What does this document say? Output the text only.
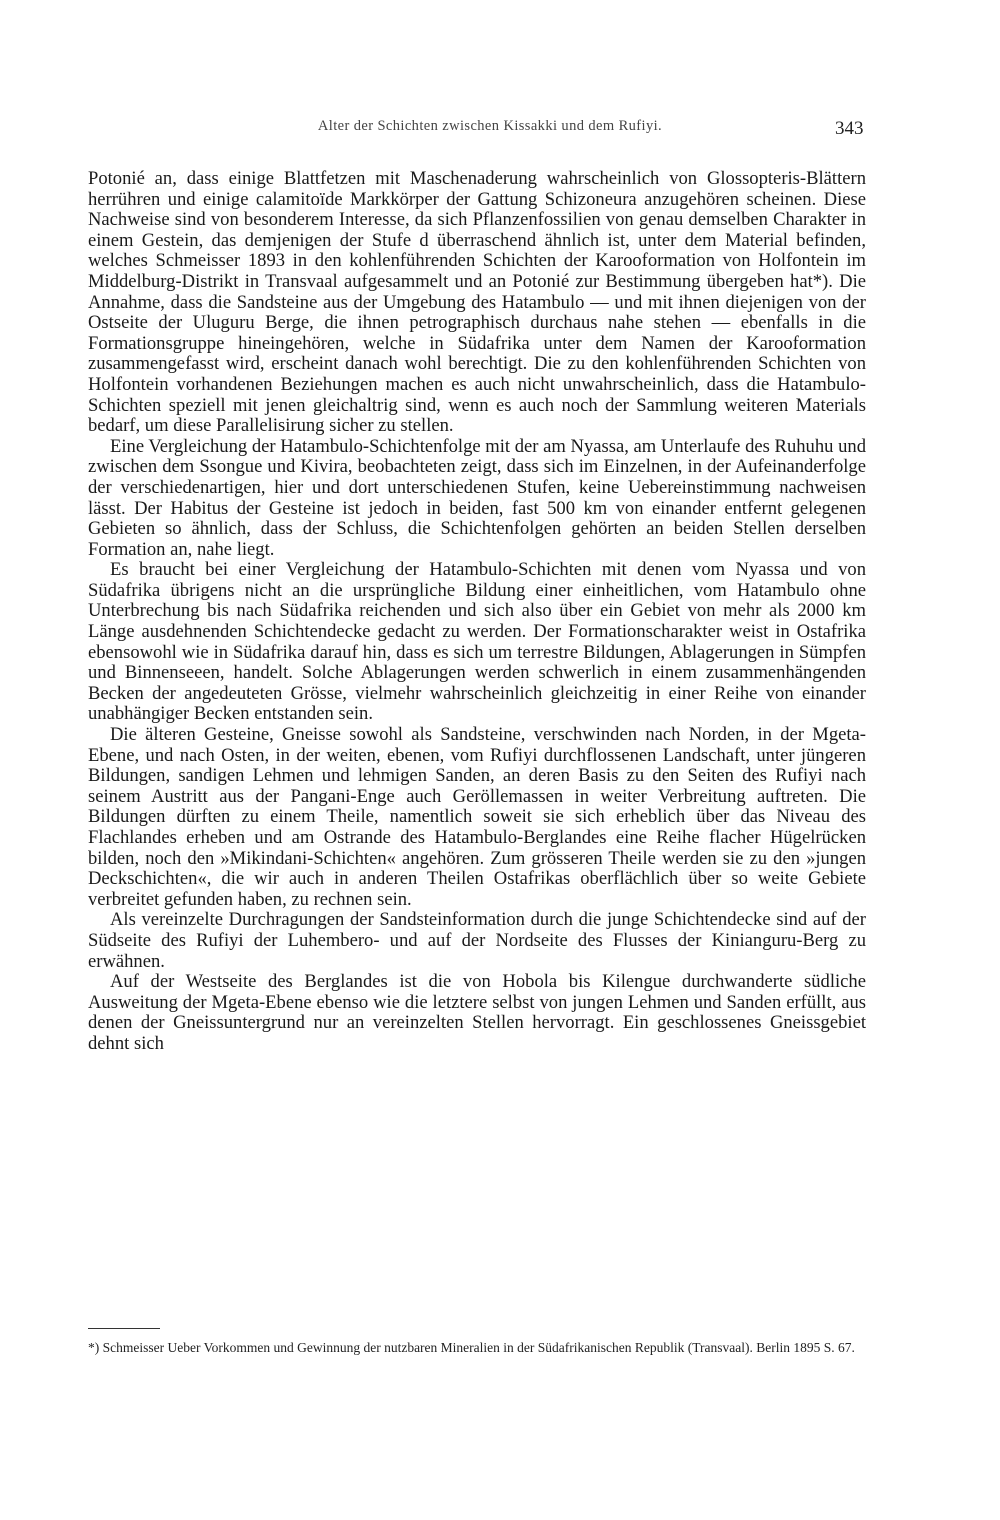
Alter der Schichten zwischen Kissakki und dem Rufiyi.	343

Potonié an, dass einige Blattfetzen mit Maschenaderung wahrscheinlich von Glossopteris-Blättern herrühren und einige calamitoïde Markkörper der Gattung Schizoneura anzugehören scheinen. Diese Nachweise sind von besonderem Interesse, da sich Pflanzenfossilien von genau demselben Charakter in einem Gestein, das demjenigen der Stufe d überraschend ähnlich ist, unter dem Material befinden, welches Schmeisser 1893 in den kohlenführenden Schichten der Karooformation von Holfontein im Middelburg-Distrikt in Transvaal aufgesammelt und an Potonié zur Bestimmung übergeben hat*). Die Annahme, dass die Sandsteine aus der Umgebung des Hatambulo — und mit ihnen diejenigen von der Ostseite der Uluguru Berge, die ihnen petrographisch durchaus nahe stehen — ebenfalls in die Formationsgruppe hineingehören, welche in Südafrika unter dem Namen der Karooformation zusammengefasst wird, erscheint danach wohl berechtigt. Die zu den kohlenführenden Schichten von Holfontein vorhandenen Beziehungen machen es auch nicht unwahrscheinlich, dass die Hatambulo-Schichten speziell mit jenen gleichaltrig sind, wenn es auch noch der Sammlung weiteren Materials bedarf, um diese Parallelisirung sicher zu stellen.

Eine Vergleichung der Hatambulo-Schichtenfolge mit der am Nyassa, am Unterlaufe des Ruhuhu und zwischen dem Ssongue und Kivira, beobachteten zeigt, dass sich im Einzelnen, in der Aufeinanderfolge der verschiedenartigen, hier und dort unterschiedenen Stufen, keine Uebereinstimmung nachweisen lässt. Der Habitus der Gesteine ist jedoch in beiden, fast 500 km von einander entfernt gelegenen Gebieten so ähnlich, dass der Schluss, die Schichtenfolgen gehörten an beiden Stellen derselben Formation an, nahe liegt.

Es braucht bei einer Vergleichung der Hatambulo-Schichten mit denen vom Nyassa und von Südafrika übrigens nicht an die ursprüngliche Bildung einer einheitlichen, vom Hatambulo ohne Unterbrechung bis nach Südafrika reichenden und sich also über ein Gebiet von mehr als 2000 km Länge ausdehnenden Schichtendecke gedacht zu werden. Der Formationscharakter weist in Ostafrika ebensowohl wie in Südafrika darauf hin, dass es sich um terrestre Bildungen, Ablagerungen in Sümpfen und Binnenseeen, handelt. Solche Ablagerungen werden schwerlich in einem zusammenhängenden Becken der angedeuteten Grösse, vielmehr wahrscheinlich gleichzeitig in einer Reihe von einander unabhängiger Becken entstanden sein.

Die älteren Gesteine, Gneisse sowohl als Sandsteine, verschwinden nach Norden, in der Mgeta-Ebene, und nach Osten, in der weiten, ebenen, vom Rufiyi durchflossenen Landschaft, unter jüngeren Bildungen, sandigen Lehmen und lehmigen Sanden, an deren Basis zu den Seiten des Rufiyi nach seinem Austritt aus der Pangani-Enge auch Geröllemassen in weiter Verbreitung auftreten. Die Bildungen dürften zu einem Theile, namentlich soweit sie sich erheblich über das Niveau des Flachlandes erheben und am Ostrande des Hatambulo-Berglandes eine Reihe flacher Hügelrücken bilden, noch den »Mikindani-Schichten« angehören. Zum grösseren Theile werden sie zu den »jungen Deckschichten«, die wir auch in anderen Theilen Ostafrikas oberflächlich über so weite Gebiete verbreitet gefunden haben, zu rechnen sein.

Als vereinzelte Durchragungen der Sandsteinformation durch die junge Schichtendecke sind auf der Südseite des Rufiyi der Luhembero- und auf der Nordseite des Flusses der Kinianguru-Berg zu erwähnen.

Auf der Westseite des Berglandes ist die von Hobola bis Kilengue durchwanderte südliche Ausweitung der Mgeta-Ebene ebenso wie die letztere selbst von jungen Lehmen und Sanden erfüllt, aus denen der Gneissuntergrund nur an vereinzelten Stellen hervorragt. Ein geschlossenes Gneissgebiet dehnt sich

*) Schmeisser Ueber Vorkommen und Gewinnung der nutzbaren Mineralien in der Südafrikanischen Republik (Transvaal). Berlin 1895 S. 67.
